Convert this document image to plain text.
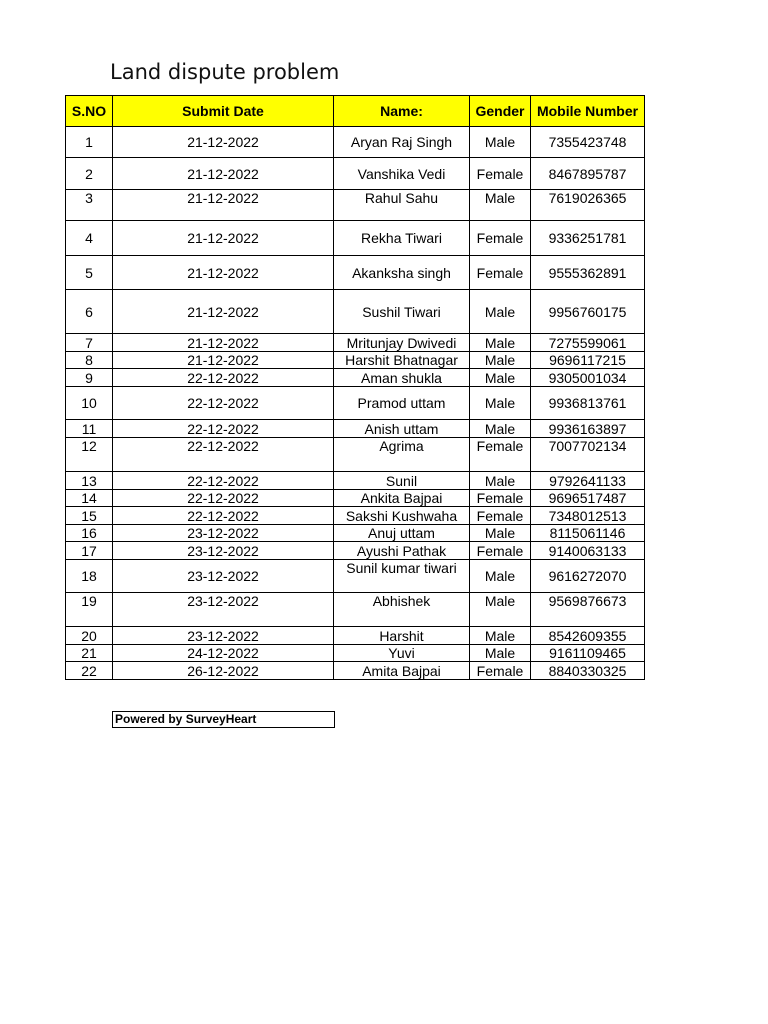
Land dispute problem
S.NO	Submit Date	Name:	Gender	Mobile Number
1	21-12-2022	Aryan Raj Singh	Male	7355423748
2	21-12-2022	Vanshika Vedi	Female	8467895787
3	21-12-2022	Rahul Sahu	Male	7619026365
4	21-12-2022	Rekha Tiwari	Female	9336251781
5	21-12-2022	Akanksha singh	Female	9555362891
6	21-12-2022	Sushil Tiwari	Male	9956760175
7	21-12-2022	Mritunjay Dwivedi	Male	7275599061
8	21-12-2022	Harshit Bhatnagar	Male	9696117215
9	22-12-2022	Aman shukla	Male	9305001034
10	22-12-2022	Pramod uttam	Male	9936813761
11	22-12-2022	Anish uttam	Male	9936163897
12	22-12-2022	Agrima	Female	7007702134
13	22-12-2022	Sunil	Male	9792641133
14	22-12-2022	Ankita Bajpai	Female	9696517487
15	22-12-2022	Sakshi Kushwaha	Female	7348012513
16	23-12-2022	Anuj uttam	Male	8115061146
17	23-12-2022	Ayushi Pathak	Female	9140063133
18	23-12-2022	Sunil kumar tiwari	Male	9616272070
19	23-12-2022	Abhishek	Male	9569876673
20	23-12-2022	Harshit	Male	8542609355
21	24-12-2022	Yuvi	Male	9161109465
22	26-12-2022	Amita Bajpai	Female	8840330325
Powered by SurveyHeart
